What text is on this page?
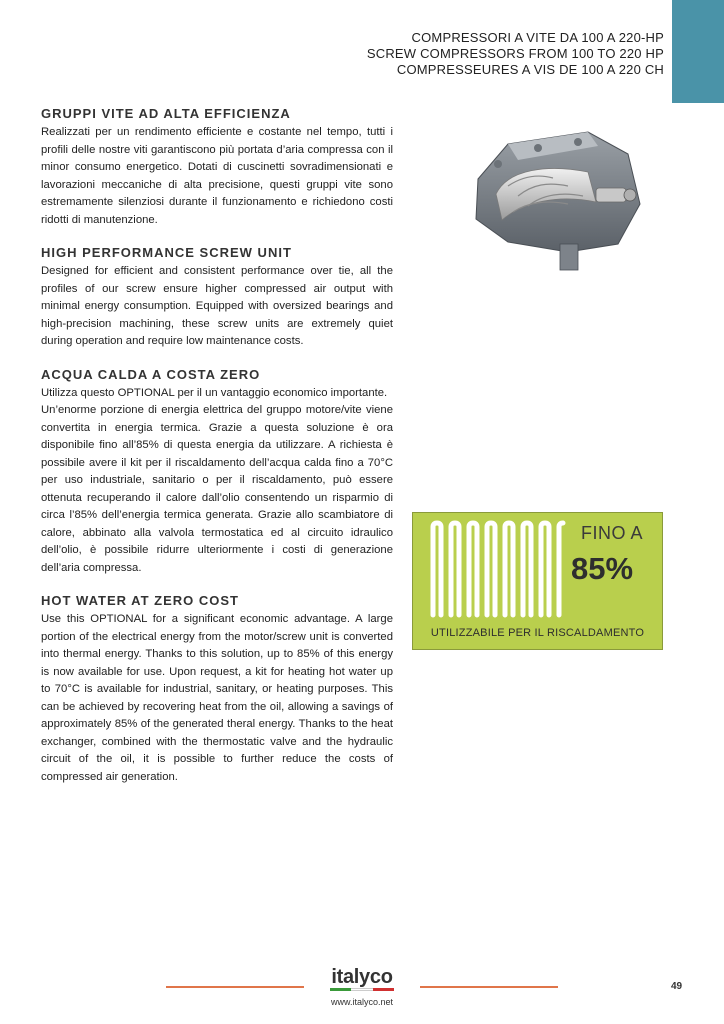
COMPRESSORI A VITE DA 100 A 220-HP
SCREW COMPRESSORS FROM 100 TO 220 HP
COMPRESSEURES A VIS DE 100 A 220 CH
GRUPPI VITE AD ALTA EFFICIENZA

Realizzati per un rendimento efficiente e costante nel tempo, tutti i profili delle nostre viti garantiscono più portata d’aria compressa con il minor consumo energetico. Dotati di cuscinetti sovradimensionati e lavorazioni meccaniche di alta precisione, questi gruppi vite sono estremamente silenziosi durante il funzionamento e richiedono costi ridotti di manutenzione.

HIGH PERFORMANCE SCREW UNIT

Designed for efficient and consistent performance over tie, all the profiles of our screw ensure higher compressed air output with minimal energy consumption. Equipped with oversized bearings and high-precision machining, these screw units are extremely quiet during operation and require low maintenance costs.

ACQUA CALDA A COSTA ZERO

Utilizza questo OPTIONAL per il un vantaggio economico importante.

Un’enorme porzione di energia elettrica del gruppo motore/vite viene convertita in energia termica. Grazie a questa soluzione è ora disponibile fino all’85% di questa energia da utilizzare. A richiesta è possibile avere il kit per il riscaldamento dell’acqua calda fino a 70°C per uso industriale, sanitario o per il riscaldamento, può essere ottenuta recuperando il calore dall’olio consentendo un risparmio di circa l’85% dell’energia termica generata. Grazie allo scambiatore di calore, abbinato alla valvola termostatica ed al circuito idraulico dell’olio, è possibile ridurre ulteriormente i costi di generazione dell’aria compressa.

HOT WATER AT ZERO COST

Use this OPTIONAL for a significant economic advantage. A large portion of the electrical energy from the motor/screw unit is converted into thermal energy. Thanks to this solution, up to 85% of this energy is now available for use. Upon request, a kit for heating hot water up to 70°C is available for industrial, sanitary, or heating purposes. This can be achieved by recovering heat from the oil, allowing a savings of approximately 85% of the generated theral energy. Thanks to the heat exchanger, combined with the thermostatic valve and the hydraulic circuit of the oil, it is possible to further reduce the costs of compressed air generation.

FINO A
85%
UTILIZZABILE PER IL RISCALDAMENTO
italyco
www.italyco.net
49
